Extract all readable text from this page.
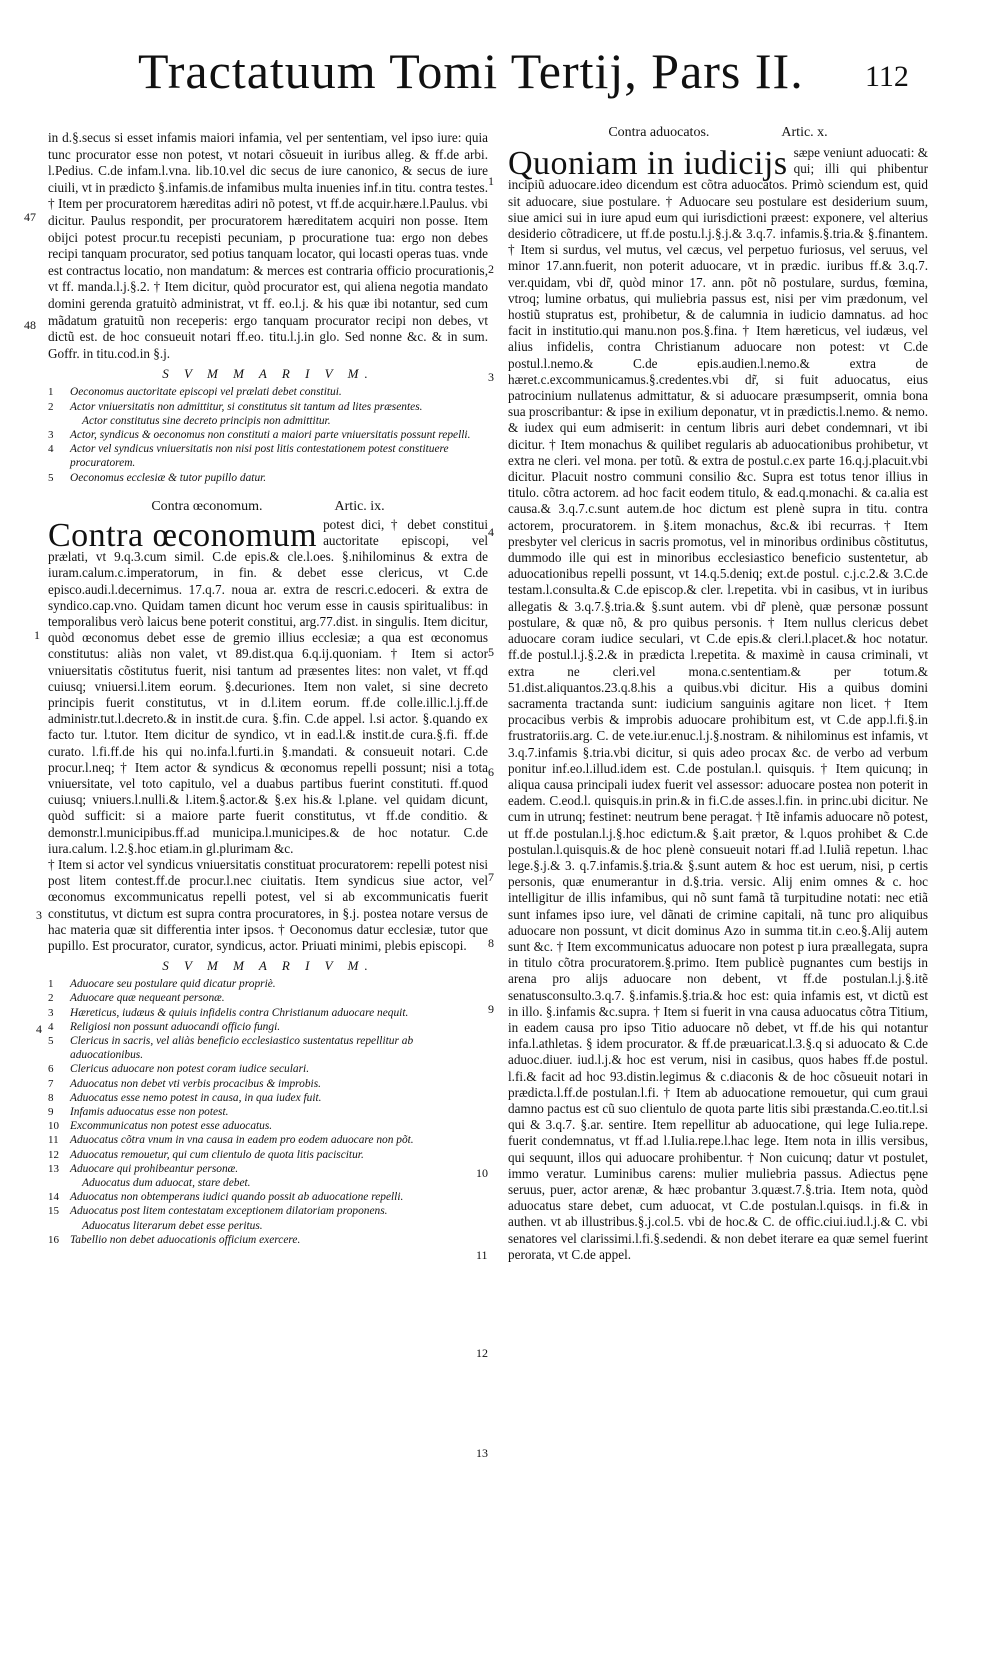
Tractatuum Tomi Tertij, Pars II.	112

in d.§.secus si esset infamis maiori infamia, vel per sententiam, vel ipso iure: quia tunc procurator esse non potest, vt notari cõsueuit in iuribus alleg. & ff.de arbi. l.Pedius. C.de infam.l.vna. lib.10.vel dic secus de iure canonico, & secus de iure ciuili, vt in prædicto §.infamis.de infamibus multa inuenies inf.in titu. contra testes. † Item per procuratorem hæreditas adiri nõ potest, vt ff.de acquir.hære.l.Paulus. vbi dicitur. Paulus respondit, per procuratorem hæreditatem acquiri non posse. Item obijci potest procur.tu recepisti pecuniam, p procuratione tua: ergo non debes recipi tanquam procurator, sed potius tanquam locator, qui locasti operas tuas. vnde est contractus locatio, non mandatum: & merces est contraria officio procurationis, vt ff. manda.l.j.§.2. † Item dicitur, quòd procurator est, qui aliena negotia mandato domini gerenda gratuitò administrat, vt ff. eo.l.j. & his quæ ibi notantur, sed cum mãdatum gratuitũ non receperis: ergo tanquam procurator recipi non debes, vt dictũ est. de hoc consueuit notari ff.eo. titu.l.j.in glo. Sed nonne &c. & in sum. Goffr. in titu.cod.in §.j.

S V M M A R I V M.
1 Oeconomus auctoritate episcopi vel prælati debet constitui.
2 Actor vniuersitatis non admittitur, si constitutus sit tantum ad lites præsentes.
Actor constitutus sine decreto principis non admittitur.
3 Actor, syndicus & oeconomus non constituti a maiori parte vniuersitatis possunt repelli.
4 Actor vel syndicus vniuersitatis non nisi post litis contestationem potest constituere procuratorem.
5 Oeconomus ecclesiæ & tutor pupillo datur.
Contra œconomum.	Artic. ix.

Contra œconomum potest dici, † debet constitui auctoritate episcopi, vel prælati, vt 9.q.3.cum simil. C.de epis.& cle.l.oes. §.nihilominus & extra de iuram.calum.c.imperatorum, in fin. & debet esse clericus, vt C.de episco.audi.l.decernimus. 17.q.7. noua ar. extra de rescri.c.edoceri. & extra de syndico.cap.vno. Quidam tamen dicunt hoc verum esse in causis spiritualibus: in temporalibus verò laicus bene poterit constitui, arg.77.dist. in singulis. Item dicitur, quòd œconomus debet esse de gremio illius ecclesiæ; a qua est œconomus constitutus: aliàs non valet, vt 89.dist.qua 6.q.ij.quoniam. † Item si actor vniuersitatis cõstitutus fuerit, nisi tantum ad præsentes lites: non valet, vt ff.qd cuiusq; vniuersi.l.item eorum. §.decuriones. Item non valet, si sine decreto principis fuerit constitutus, vt in d.l.item eorum. ff.de colle.illic.l.j.ff.de administr.tut.l.decreto.& in instit.de cura. §.fin. C.de appel. l.si actor. §.quando ex facto tur. l.tutor. Item dicitur de syndico, vt in ead.l.& instit.de cura.§.fi. ff.de curato. l.fi.ff.de his qui no.infa.l.furti.in §.mandati. & consueuit notari. C.de procur.l.neq; † Item actor & syndicus & œconomus repelli possunt; nisi a tota vniuersitate, vel toto capitulo, vel a duabus partibus fuerint constituti. ff.quod cuiusq; vniuers.l.nulli.& l.item.§.actor.& §.ex his.& l.plane. vel quidam dicunt, quòd sufficit: si a maiore parte fuerit constitutus, vt ff.de conditio. & demonstr.l.municipibus.ff.ad municipa.l.municipes.& de hoc notatur. C.de iura.calum. l.2.§.hoc etiam.in gl.plurimam &c.

† Item si actor vel syndicus vniuersitatis constituat procuratorem: repelli potest nisi post litem contest.ff.de procur.l.nec ciuitatis. Item syndicus siue actor, vel œconomus excommunicatus repelli potest, vel si ab excommunicatis fuerit constitutus, vt dictum est supra contra procuratores, in §.j. postea notare versus de hac materia quæ sit differentia inter ipsos. † Oeconomus datur ecclesiæ, tutor que pupillo. Est procurator, curator, syndicus, actor. Priuati minimi, plebis episcopi.

S V M M A R I V M.
1 Aduocare seu postulare quid dicatur propriè.
2 Aduocare quæ nequeant personæ.
3 Hæreticus, iudæus & quiuis infidelis contra Christianum aduocare nequit.
4 Religiosi non possunt aduocandi officio fungi.
5 Clericus in sacris, vel aliàs beneficio ecclesiastico sustentatus repellitur ab aduocationibus.
6 Clericus aduocare non potest coram iudice seculari.
7 Aduocatus non debet vti verbis procacibus & improbis.
8 Aduocatus esse nemo potest in causa, in qua iudex fuit.
9 Infamis aduocatus esse non potest.
10 Excommunicatus non potest esse aduocatus.
11 Aduocatus cõtra vnum in vna causa in eadem pro eodem aduocare non põt.
12 Aduocatus remouetur, qui cum clientulo de quota litis paciscitur.
13 Aduocare qui prohibeantur personæ.
Aduocatus dum aduocat, stare debet.
14 Aduocatus non obtemperans iudici quando possit ab aduocatione repelli.
15 Aduocatus post litem contestatam exceptionem dilatoriam proponens.
Aduocatus literarum debet esse peritus.
16 Tabellio non debet aduocationis officium exercere.
47
48
1
3
4
Contra aduocatos.	Artic. x.

Quoniam in iudicijs sæpe veniunt aduocati: & qui; illi qui phibentur incipiũ aduocare.ideo dicendum est cõtra aduocatos. Primò sciendum est, quid sit aduocare, siue postulare. † Aduocare seu postulare est desiderium suum, siue amici sui in iure apud eum qui iurisdictioni præest: exponere, vel alterius desiderio cõtradicere, ut ff.de postu.l.j.§.j.& 3.q.7. infamis.§.tria.& §.finantem. † Item si surdus, vel mutus, vel cæcus, vel perpetuo furiosus, vel seruus, vel minor 17.ann.fuerit, non poterit aduocare, vt in prædic. iuribus ff.& 3.q.7. ver.quidam, vbi dr̃, quòd minor 17. ann. põt nõ postulare, surdus, fœmina, vtroq; lumine orbatus, qui muliebria passus est, nisi per vim prædonum, vel hostiũ stupratus est, prohibetur, & de calumnia in iudicio damnatus. ad hoc facit in institutio.qui manu.non pos.§.fina. † Item hæreticus, vel iudæus, vel alius infidelis, contra Christianum aduocare non potest: vt C.de postul.l.nemo.& C.de epis.audien.l.nemo.& extra de hæret.c.excommunicamus.§.credentes.vbi dr̃, si fuit aduocatus, eius patrocinium nullatenus admittatur, & si aduocare præsumpserit, omnia bona sua proscribantur: & ipse in exilium deponatur, vt in prædictis.l.nemo. & nemo. & iudex qui eum admiserit: in centum libris auri debet condemnari, vt ibi dicitur. † Item monachus & quilibet regularis ab aduocationibus prohibetur, vt extra ne cleri. vel mona. per totũ. & extra de postul.c.ex parte 16.q.j.placuit.vbi dicitur. Placuit nostro communi consilio &c. Supra est totus tenor illius in titulo. cõtra actorem. ad hoc facit eodem titulo, & ead.q.monachi. & ca.alia est causa.& 3.q.7.c.sunt autem.de hoc dictum est plenè supra in titu. contra actorem, procuratorem. in §.item monachus, &c.& ibi recurras. † Item presbyter vel clericus in sacris promotus, vel in minoribus ordinibus cõstitutus, dummodo ille qui est in minoribus ecclesiastico beneficio sustentetur, ab aduocationibus repelli possunt, vt 14.q.5.deniq; ext.de postul. c.j.c.2.& 3.C.de testam.l.consulta.& C.de episcop.& cler. l.repetita. vbi in casibus, vt in iuribus allegatis & 3.q.7.§.tria.& §.sunt autem. vbi dr̃ plenè, quæ personæ possunt postulare, & quæ nõ, & pro quibus personis. † Item nullus clericus debet aduocare coram iudice seculari, vt C.de epis.& cleri.l.placet.& hoc notatur. ff.de postul.l.j.§.2.& in prædicta l.repetita. & maximè in causa criminali, vt extra ne cleri.vel mona.c.sententiam.& per totum.& 51.dist.aliquantos.23.q.8.his a quibus.vbi dicitur. His a quibus domini sacramenta tractanda sunt: iudicium sanguinis agitare non licet. † Item procacibus verbis & improbis aduocare prohibitum est, vt C.de app.l.fi.§.in frustratoriis.arg. C. de vete.iur.enuc.l.j.§.nostram. & nihilominus est infamis, vt 3.q.7.infamis §.tria.vbi dicitur, si quis adeo procax &c. de verbo ad verbum ponitur inf.eo.l.illud.idem est. C.de postulan.l. quisquis. † Item quicunq; in aliqua causa principali iudex fuerit vel assessor: aduocare postea non poterit in eadem. C.eod.l. quisquis.in prin.& in fi.C.de asses.l.fin. in princ.ubi dicitur. Ne cum in utrunq; festinet: neutrum bene peragat. † Itẽ infamis aduocare nõ potest, ut ff.de postulan.l.j.§.hoc edictum.& §.ait prætor, & l.quos prohibet & C.de postulan.l.quisquis.& de hoc plenè consueuit notari ff.ad l.Iuliã repetun. l.hac lege.§.j.& 3. q.7.infamis.§.tria.& §.sunt autem & hoc est uerum, nisi, p certis personis, quæ enumerantur in d.§.tria. versic. Alij enim omnes & c. hoc intelligitur de illis infamibus, qui nõ sunt famã tã turpitudine notati: nec etiã sunt infames ipso iure, vel dãnati de crimine capitali, nã tunc pro aliquibus aduocare non possunt, vt dicit dominus Azo in summa tit.in c.eo.§.Alij autem sunt &c. † Item excommunicatus aduocare non potest p iura præallegata, supra in titulo cõtra procuratorem.§.primo. Item publicè pugnantes cum bestijs in arena pro alijs aduocare non debent, vt ff.de postulan.l.j.§.itẽ senatusconsulto.3.q.7. §.infamis.§.tria.& hoc est: quia infamis est, vt dictũ est in illo. §.infamis &c.supra. † Item si fuerit in vna causa aduocatus cõtra Titium, in eadem causa pro ipso Titio aduocare nõ debet, vt ff.de his qui notantur infa.l.athletas. § idem procurator. & ff.de præuaricat.l.3.§.q si aduocato & C.de aduoc.diuer. iud.l.j.& hoc est verum, nisi in casibus, quos habes ff.de postul. l.fi.& facit ad hoc 93.distin.legimus & c.diaconis & de hoc cõsueuit notari in prædicta.l.ff.de postulan.l.fi. † Item ab aduocatione remouetur, qui cum graui damno pactus est cũ suo clientulo de quota parte litis sibi præstanda.C.eo.tit.l.si qui & 3.q.7. §.ar. sentire. Item repellitur ab aduocatione, qui lege Iulia.repe. fuerit condemnatus, vt ff.ad l.Iulia.repe.l.hac lege. Item nota in illis versibus, qui sequunt, illos qui aduocare prohibentur. † Non cuicunq; datur vt postulet, immo veratur. Luminibus carens: mulier muliebria passus. Adiectus pęne seruus, puer, actor arenæ, & hæc probantur 3.quæst.7.§.tria. Item nota, quòd aduocatus stare debet, cum aduocat, vt C.de postulan.l.quisqs. in fi.& in authen. vt ab illustribus.§.j.col.5. vbi de hoc.& C. de offic.ciui.iud.l.j.& C. vbi senatores vel clarissimi.l.fi.§.sedendi. & non debet iterare ea quæ semel fuerint perorata, vt C.de appel.

1
2
3
4
5
6
7
8
9
10
11
12
13
